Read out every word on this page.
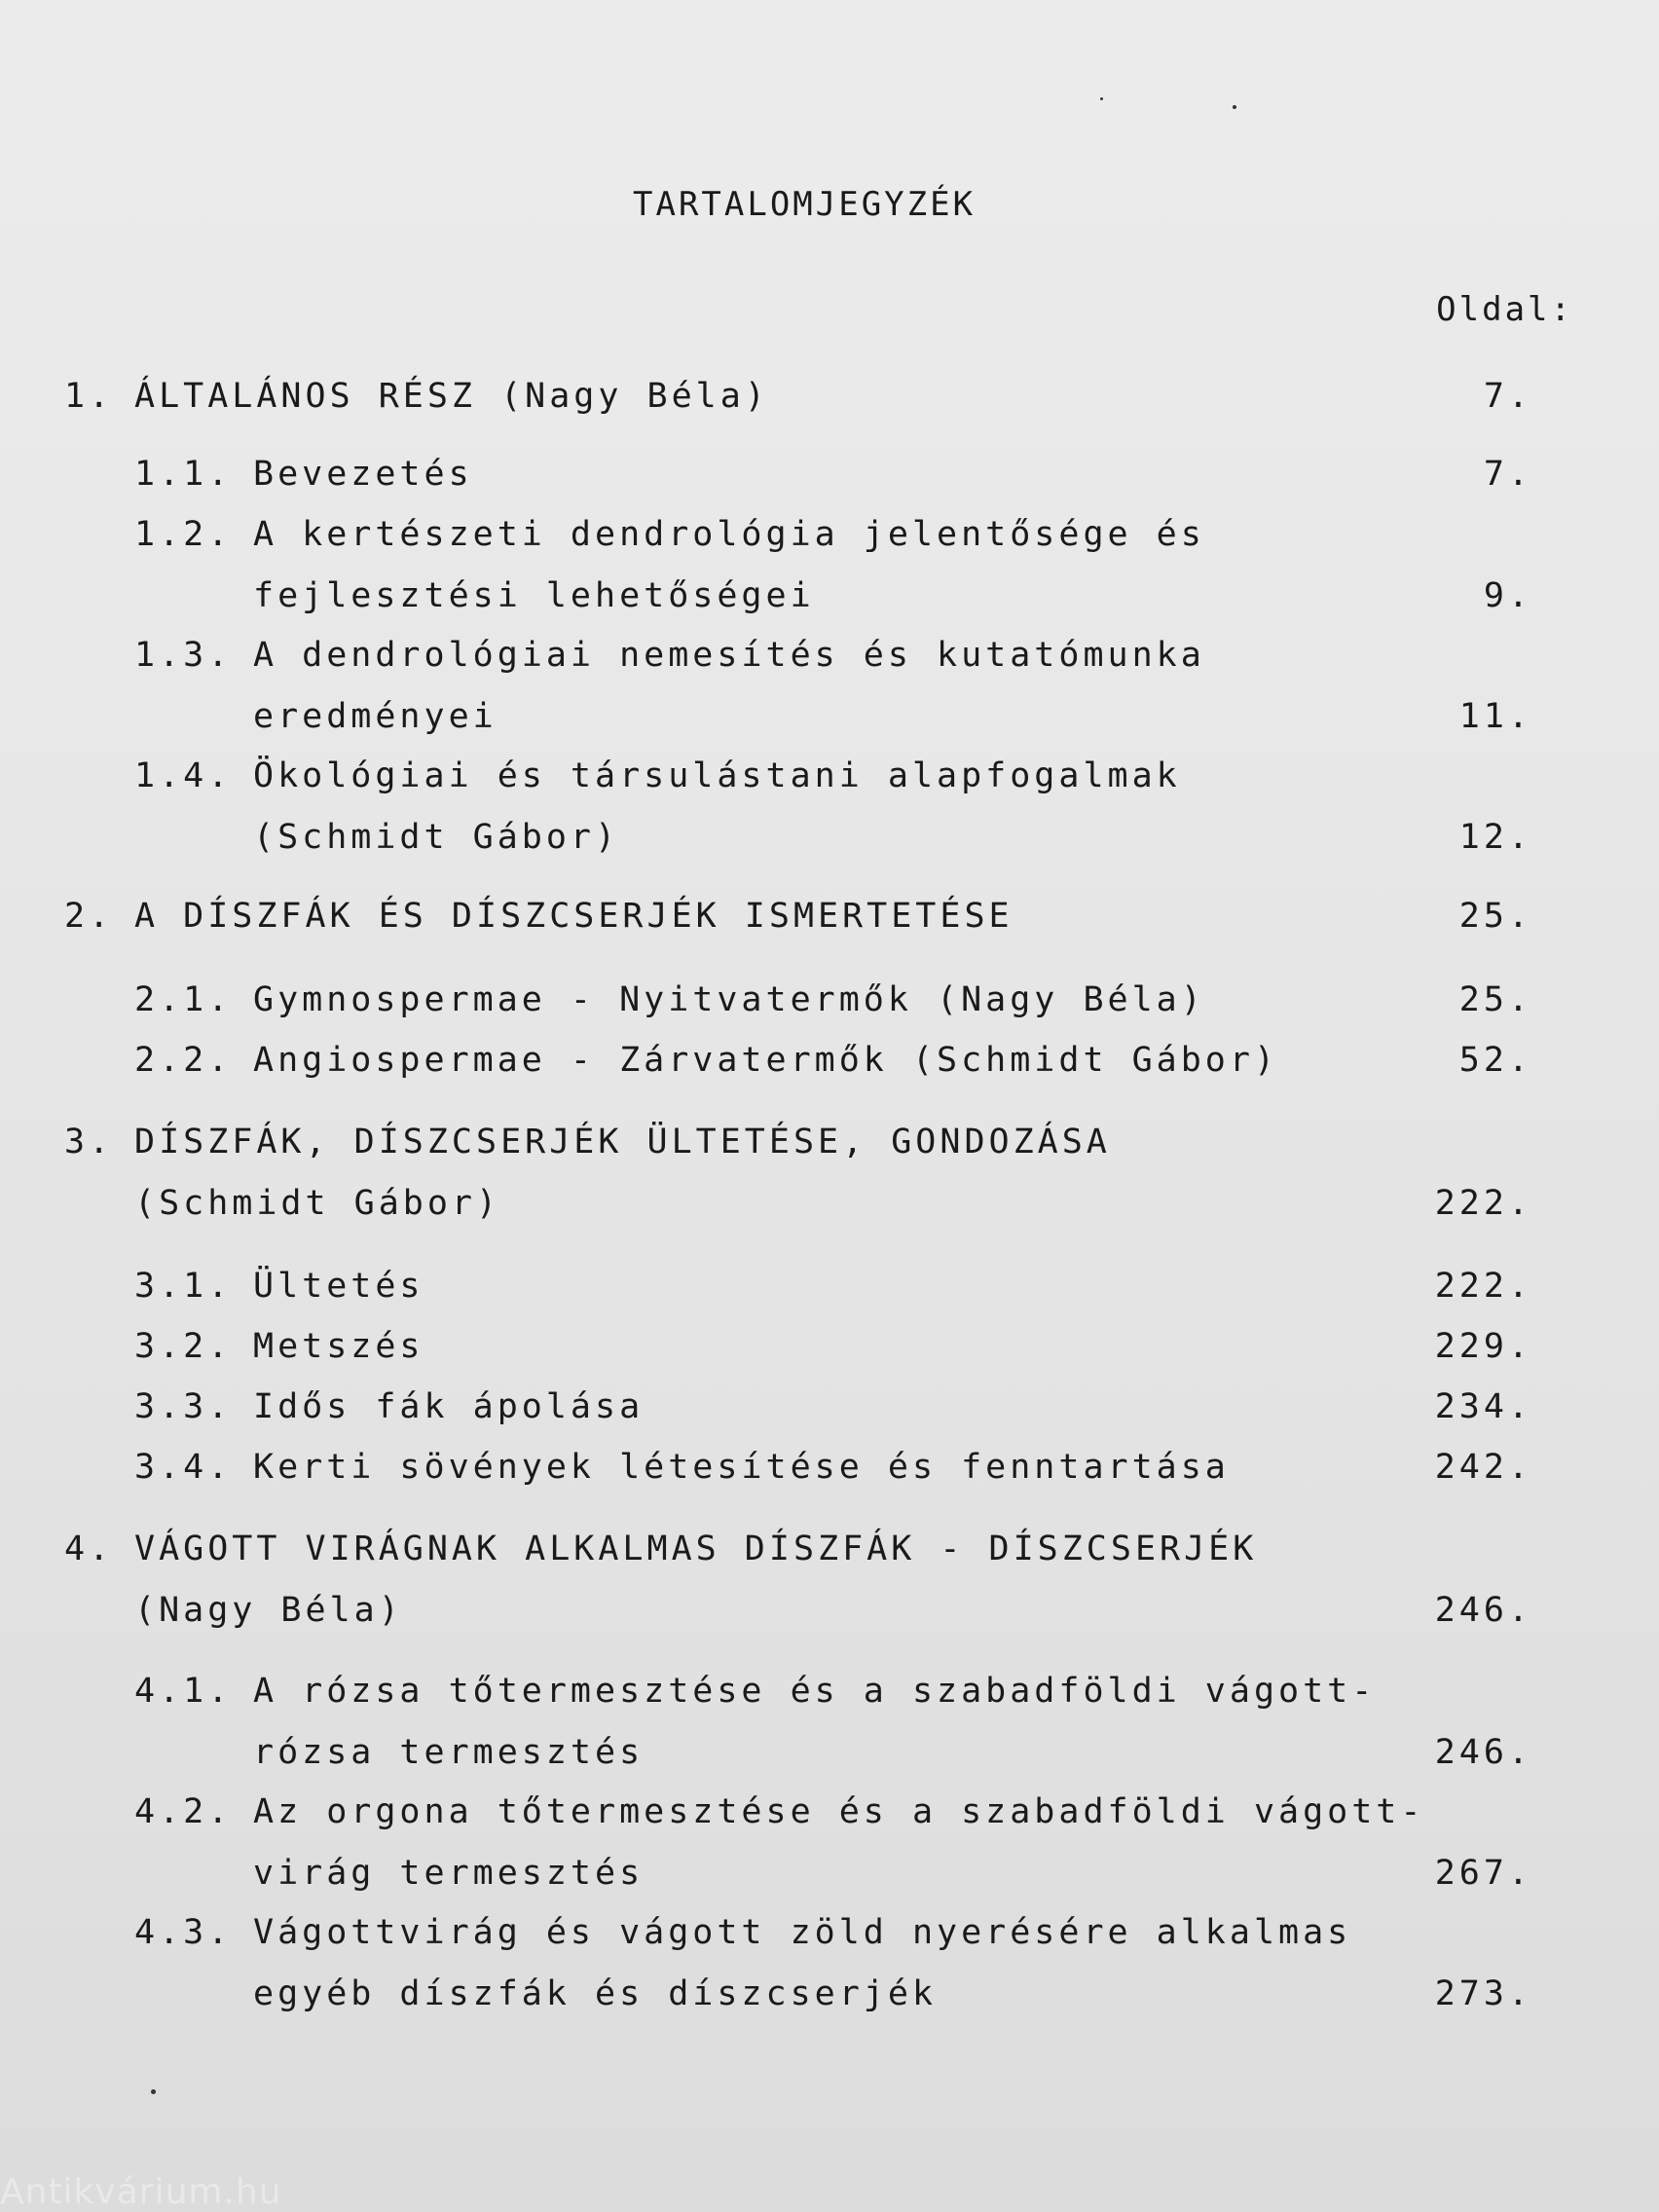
TARTALOMJEGYZÉK
Oldal:
1. ÁLTALÁNOS RÉSZ (Nagy Béla)	7.
1.1. Bevezetés	7.
1.2. A kertészeti dendrológia jelentősége és
fejlesztési lehetőségei	9.
1.3. A dendrológiai nemesítés és kutatómunka
eredményei	11.
1.4. Ökológiai és társulástani alapfogalmak
(Schmidt Gábor)	12.
2. A DÍSZFÁK ÉS DÍSZCSERJÉK ISMERTETÉSE	25.
2.1. Gymnospermae - Nyitvatermők (Nagy Béla)	25.
2.2. Angiospermae - Zárvatermők (Schmidt Gábor)	52.
3. DÍSZFÁK, DÍSZCSERJÉK ÜLTETÉSE, GONDOZÁSA
(Schmidt Gábor)	222.
3.1. Ültetés	222.
3.2. Metszés	229.
3.3. Idős fák ápolása	234.
3.4. Kerti sövények létesítése és fenntartása	242.
4. VÁGOTT VIRÁGNAK ALKALMAS DÍSZFÁK - DÍSZCSERJÉK
(Nagy Béla)	246.
4.1. A rózsa tőtermesztése és a szabadföldi vágott-
rózsa termesztés	246.
4.2. Az orgona tőtermesztése és a szabadföldi vágott-
virág termesztés	267.
4.3. Vágottvirág és vágott zöld nyerésére alkalmas
egyéb díszfák és díszcserjék	273.
Antikvárium.hu
